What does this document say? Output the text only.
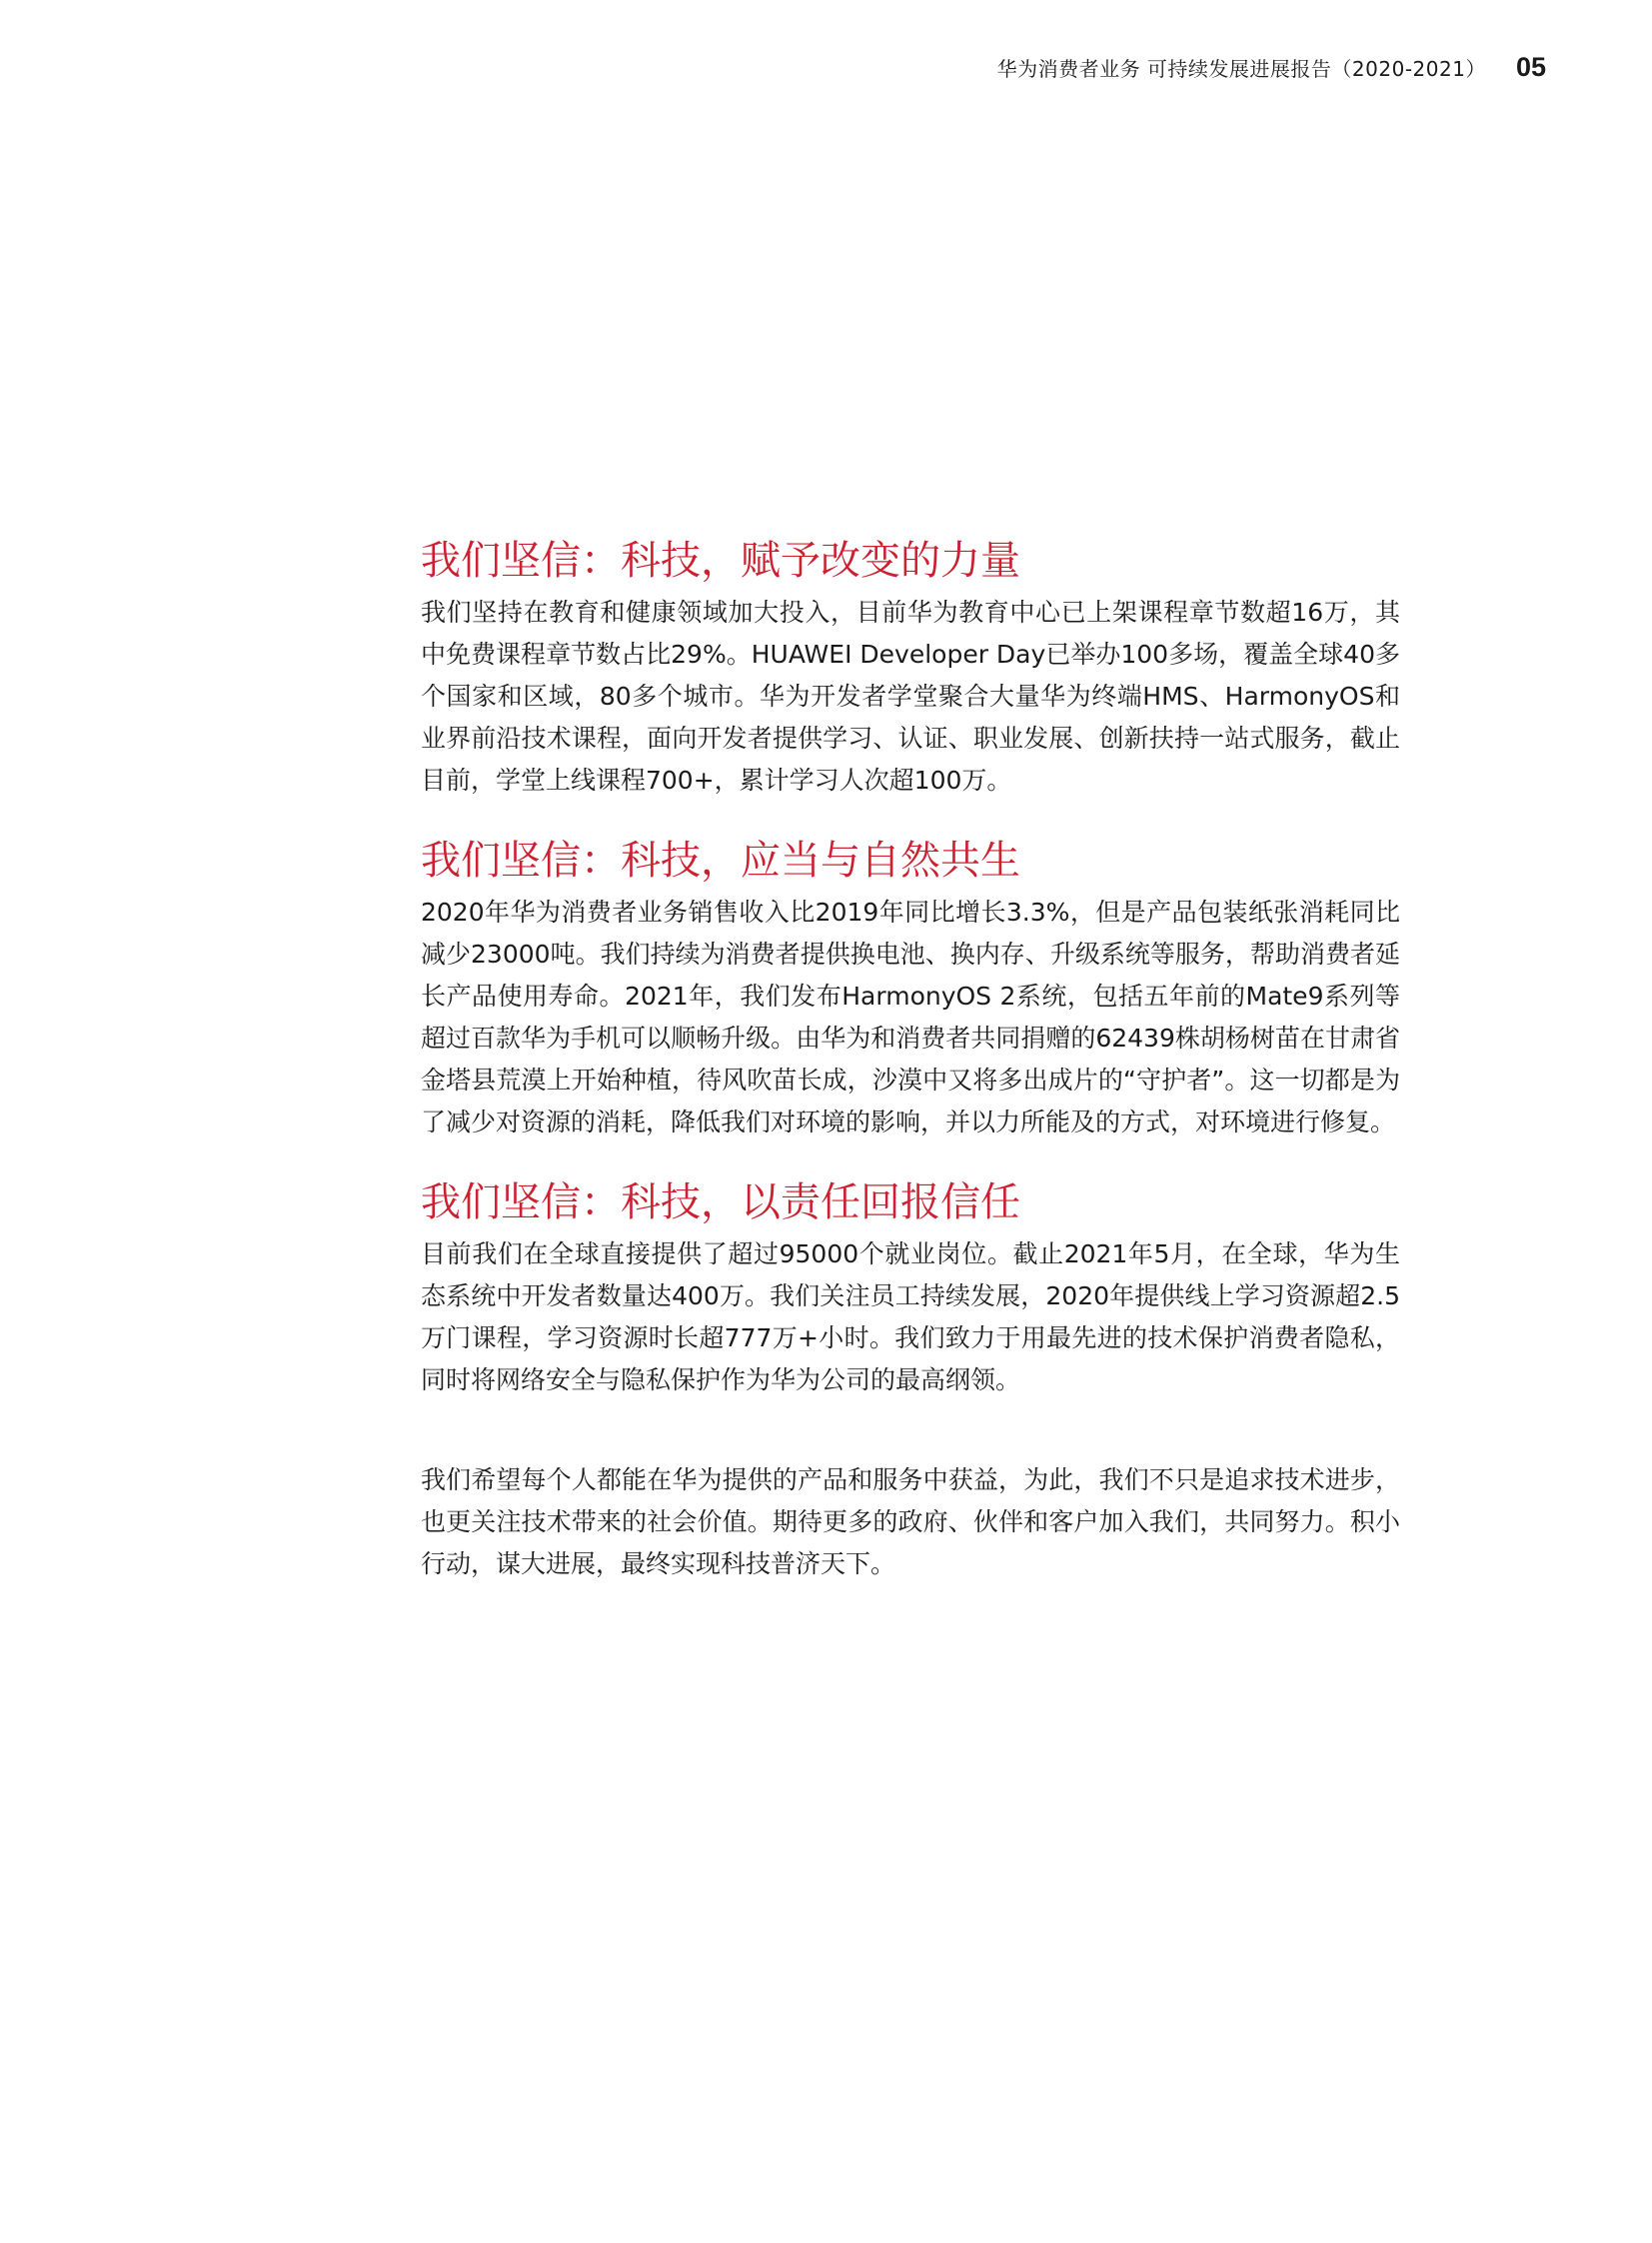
华为消费者业务 可持续发展进展报告（2020-2021） 05
我们坚信：科技，赋予改变的力量

我们坚持在教育和健康领域加大投入，目前华为教育中心已上架课程章节数超16万，其中免费课程章节数占比29%。HUAWEI Developer Day已举办100多场，覆盖全球40多个国家和区域，80多个城市。华为开发者学堂聚合大量华为终端HMS、HarmonyOS和业界前沿技术课程，面向开发者提供学习、认证、职业发展、创新扶持一站式服务，截止目前，学堂上线课程700+，累计学习人次超100万。

我们坚信：科技，应当与自然共生

2020年华为消费者业务销售收入比2019年同比增长3.3%，但是产品包装纸张消耗同比减少23000吨。我们持续为消费者提供换电池、换内存、升级系统等服务，帮助消费者延长产品使用寿命。2021年，我们发布HarmonyOS 2系统，包括五年前的Mate9系列等超过百款华为手机可以顺畅升级。由华为和消费者共同捐赠的62439株胡杨树苗在甘肃省金塔县荒漠上开始种植，待风吹苗长成，沙漠中又将多出成片的“守护者”。这一切都是为了减少对资源的消耗，降低我们对环境的影响，并以力所能及的方式，对环境进行修复。

我们坚信：科技，以责任回报信任

目前我们在全球直接提供了超过95000个就业岗位。截止2021年5月，在全球，华为生态系统中开发者数量达400万。我们关注员工持续发展，2020年提供线上学习资源超2.5万门课程，学习资源时长超777万+小时。我们致力于用最先进的技术保护消费者隐私，同时将网络安全与隐私保护作为华为公司的最高纲领。

我们希望每个人都能在华为提供的产品和服务中获益，为此，我们不只是追求技术进步，也更关注技术带来的社会价值。期待更多的政府、伙伴和客户加入我们，共同努力。积小行动，谋大进展，最终实现科技普济天下。
